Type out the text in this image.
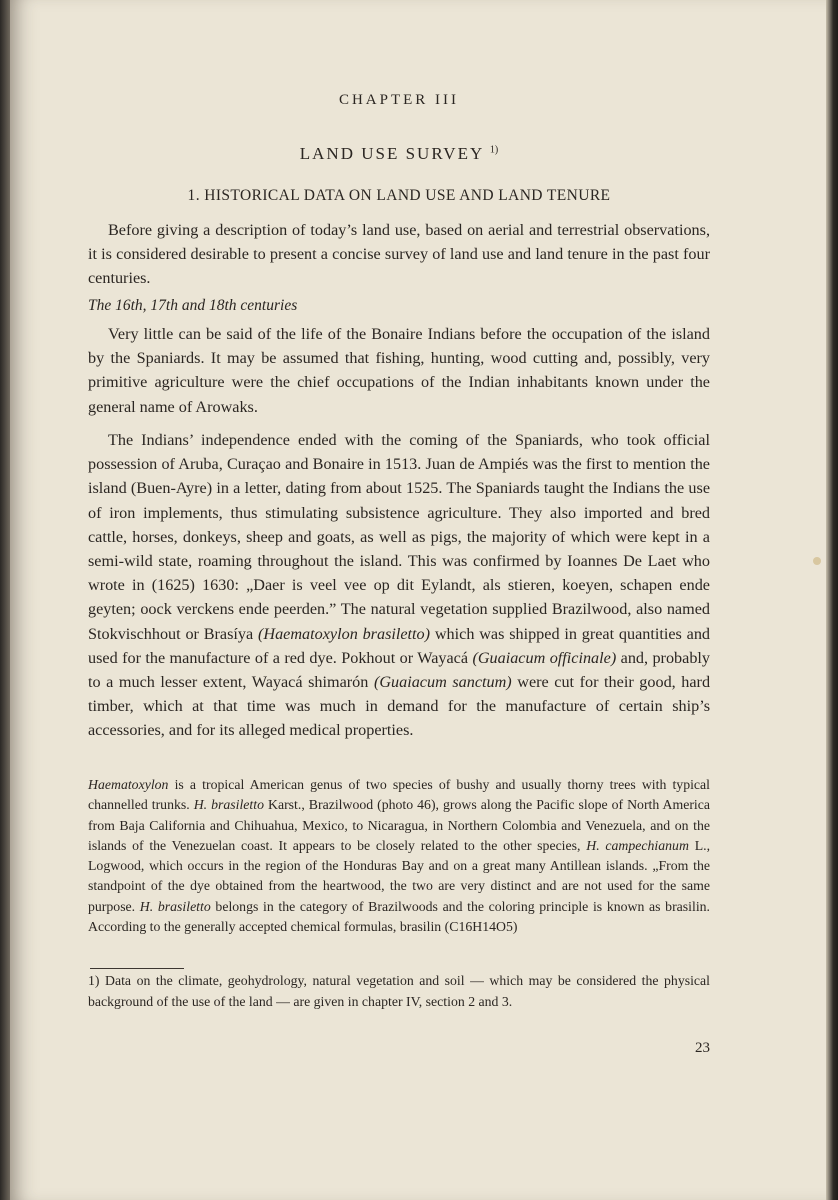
CHAPTER III
LAND USE SURVEY $^{1)}$
1. HISTORICAL DATA ON LAND USE AND LAND TENURE

Before giving a description of today’s land use, based on aerial and terrestrial observations, it is considered desirable to present a concise survey of land use and land tenure in the past four centuries.

The 16th, 17th and 18th centuries

Very little can be said of the life of the Bonaire Indians before the occupation of the island by the Spaniards. It may be assumed that fishing, hunting, wood cutting and, possibly, very primitive agriculture were the chief occupations of the Indian inhabitants known under the general name of Arowaks.

The Indians’ independence ended with the coming of the Spaniards, who took official possession of Aruba, Curaçao and Bonaire in 1513. Juan de Ampiés was the first to mention the island (Buen-Ayre) in a letter, dating from about 1525. The Spaniards taught the Indians the use of iron implements, thus stimulating subsistence agriculture. They also imported and bred cattle, horses, donkeys, sheep and goats, as well as pigs, the majority of which were kept in a semi-wild state, roaming throughout the island. This was confirmed by Ioannes De Laet who wrote in (1625) 1630: „Daer is veel vee op dit Eylandt, als stieren, koeyen, schapen ende geyten; oock verckens ende peerden.” The natural vegetation supplied Brazilwood, also named Stokvischhout or Brasíya (Haematoxylon brasiletto) which was shipped in great quantities and used for the manufacture of a red dye. Pokhout or Wayacá (Guaiacum officinale) and, probably to a much lesser extent, Wayacá shimarón (Guaiacum sanctum) were cut for their good, hard timber, which at that time was much in demand for the manufacture of certain ship’s accessories, and for its alleged medical properties.

Haematoxylon is a tropical American genus of two species of bushy and usually thorny trees with typical channelled trunks. H. brasiletto Karst., Brazilwood (photo 46), grows along the Pacific slope of North America from Baja California and Chihuahua, Mexico, to Nicaragua, in Northern Colombia and Venezuela, and on the islands of the Venezuelan coast. It appears to be closely related to the other species, H. campechianum L., Logwood, which occurs in the region of the Honduras Bay and on a great many Antillean islands. „From the standpoint of the dye obtained from the heartwood, the two are very distinct and are not used for the same purpose. H. brasiletto belongs in the category of Brazilwoods and the coloring principle is known as brasilin. According to the generally accepted chemical formulas, brasilin (C16H14O5)

1) Data on the climate, geohydrology, natural vegetation and soil — which may be considered the physical background of the use of the land — are given in chapter IV, section 2 and 3.

23
